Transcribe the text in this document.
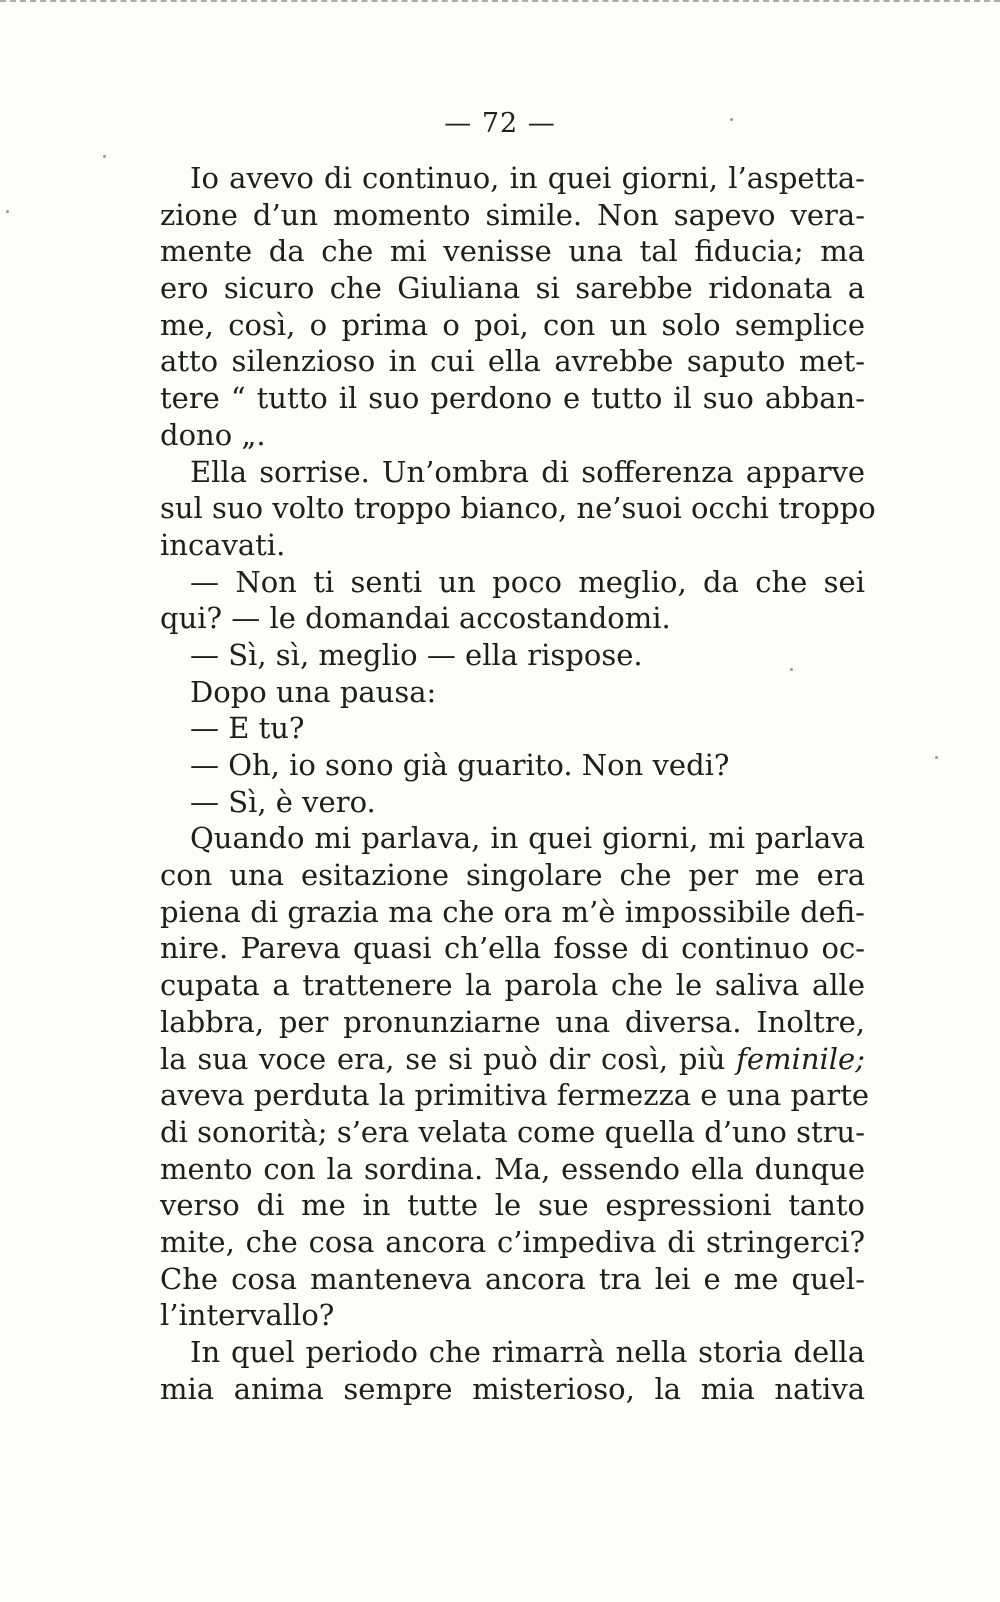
— 72 —
Io avevo di continuo, in quei giorni, l’aspetta-
zione d’un momento simile. Non sapevo vera-
mente da che mi venisse una tal fiducia; ma
ero sicuro che Giuliana si sarebbe ridonata a
me, così, o prima o poi, con un solo semplice
atto silenzioso in cui ella avrebbe saputo met-
tere “ tutto il suo perdono e tutto il suo abban-
dono „.
Ella sorrise. Un’ombra di sofferenza apparve
sul suo volto troppo bianco, ne’suoi occhi troppo
incavati.
— Non ti senti un poco meglio, da che sei
qui? — le domandai accostandomi.
— Sì, sì, meglio — ella rispose.
Dopo una pausa:
— E tu?
— Oh, io sono già guarito. Non vedi?
— Sì, è vero.
Quando mi parlava, in quei giorni, mi parlava
con una esitazione singolare che per me era
piena di grazia ma che ora m’è impossibile defi-
nire. Pareva quasi ch’ella fosse di continuo oc-
cupata a trattenere la parola che le saliva alle
labbra, per pronunziarne una diversa. Inoltre,
la sua voce era, se si può dir così, più feminile;
aveva perduta la primitiva fermezza e una parte
di sonorità; s’era velata come quella d’uno stru-
mento con la sordina. Ma, essendo ella dunque
verso di me in tutte le sue espressioni tanto
mite, che cosa ancora c’impediva di stringerci?
Che cosa manteneva ancora tra lei e me quel-
l’intervallo?
In quel periodo che rimarrà nella storia della
mia anima sempre misterioso, la mia nativa
